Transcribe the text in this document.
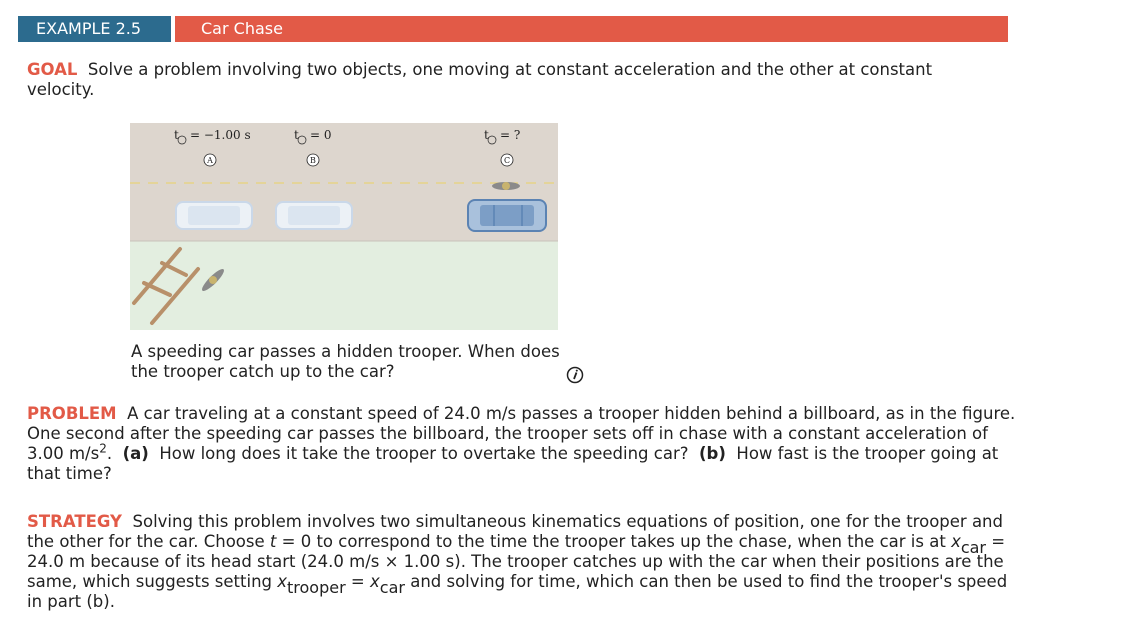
EXAMPLE 2.5	Car Chase

GOAL Solve a problem involving two objects, one moving at constant acceleration and the other at constant velocity.

t = −1.00 s	t = 0	t = ?
A	B	C

A speeding car passes a hidden trooper. When does the trooper catch up to the car?

PROBLEM A car traveling at a constant speed of 24.0 m/s passes a trooper hidden behind a billboard, as in the figure. One second after the speeding car passes the billboard, the trooper sets off in chase with a constant acceleration of 3.00 $m/s^2$. (a) How long does it take the trooper to overtake the speeding car? (b) How fast is the trooper going at that time?

STRATEGY Solving this problem involves two simultaneous kinematics equations of position, one for the trooper and the other for the car. Choose t = 0 to correspond to the time the trooper takes up the chase, when the car is at $x_{car} = 24.0$ m because of its head start (24.0 m/s × 1.00 s). The trooper catches up with the car when their positions are the same, which suggests setting $x_{trooper} = x_{car}$ and solving for time, which can then be used to find the trooper's speed in part (b).
